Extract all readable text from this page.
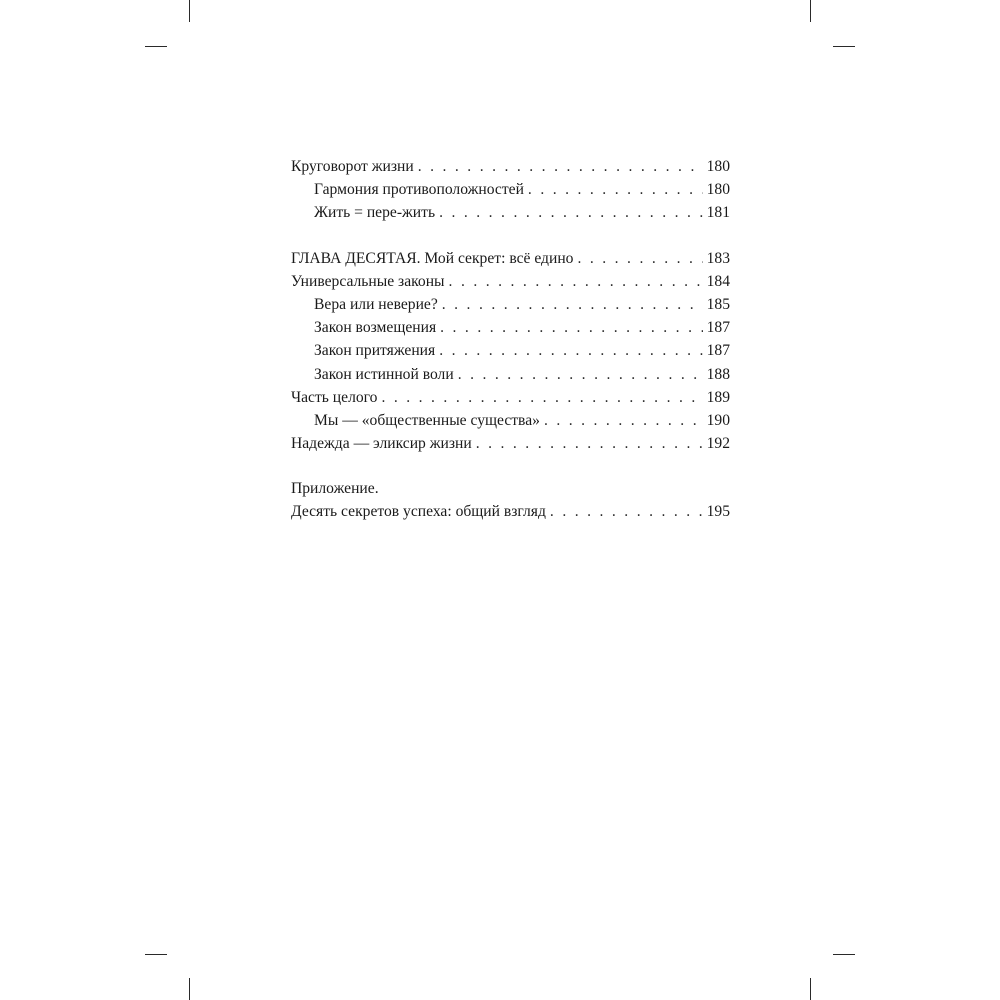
Круговорот жизни . . .	180
Гармония противоположностей . . .	180
Жить = пере-жить . . .	181
ГЛАВА ДЕСЯТАЯ. Мой секрет: всё едино . . .	183
Универсальные законы . . .	184
Вера или неверие? . . .	185
Закон возмещения . . .	187
Закон притяжения . . .	187
Закон истинной воли . . .	188
Часть целого . . .	189
Мы — «общественные существа» . . .	190
Надежда — эликсир жизни . . .	192
Приложение.
Десять секретов успеха: общий взгляд . . .	195
